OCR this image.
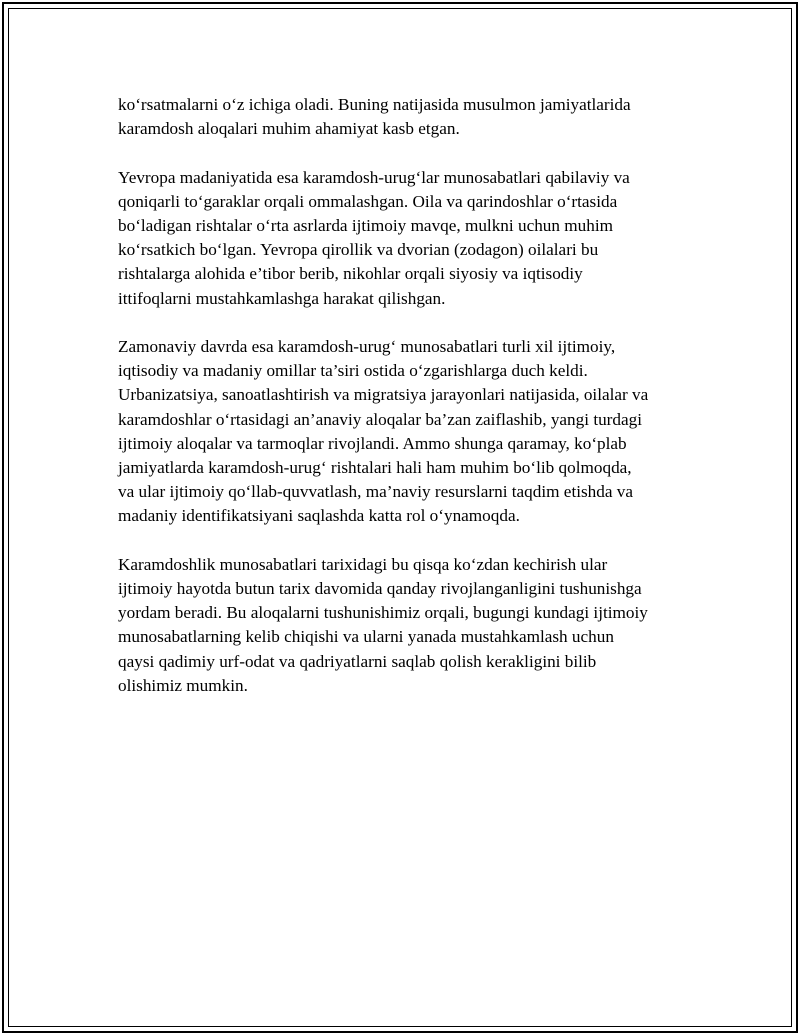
ko‘rsatmalarni o‘z ichiga oladi. Buning natijasida musulmon jamiyatlarida
karamdosh aloqalari muhim ahamiyat kasb etgan.

Yevropa madaniyatida esa karamdosh-urug‘lar munosabatlari qabilaviy va
qoniqarli to‘garaklar orqali ommalashgan. Oila va qarindoshlar o‘rtasida
bo‘ladigan rishtalar o‘rta asrlarda ijtimoiy mavqe, mulkni uchun muhim
ko‘rsatkich bo‘lgan. Yevropa qirollik va dvorian (zodagon) oilalari bu
rishtalarga alohida e’tibor berib, nikohlar orqali siyosiy va iqtisodiy
ittifoqlarni mustahkamlashga harakat qilishgan.

Zamonaviy davrda esa karamdosh-urug‘ munosabatlari turli xil ijtimoiy,
iqtisodiy va madaniy omillar ta’siri ostida o‘zgarishlarga duch keldi.
Urbanizatsiya, sanoatlashtirish va migratsiya jarayonlari natijasida, oilalar va
karamdoshlar o‘rtasidagi an’anaviy aloqalar ba’zan zaiflashib, yangi turdagi
ijtimoiy aloqalar va tarmoqlar rivojlandi. Ammo shunga qaramay, ko‘plab
jamiyatlarda karamdosh-urug‘ rishtalari hali ham muhim bo‘lib qolmoqda,
va ular ijtimoiy qo‘llab-quvvatlash, ma’naviy resurslarni taqdim etishda va
madaniy identifikatsiyani saqlashda katta rol o‘ynamoqda.

Karamdoshlik munosabatlari tarixidagi bu qisqa ko‘zdan kechirish ular
ijtimoiy hayotda butun tarix davomida qanday rivojlanganligini tushunishga
yordam beradi. Bu aloqalarni tushunishimiz orqali, bugungi kundagi ijtimoiy
munosabatlarning kelib chiqishi va ularni yanada mustahkamlash uchun
qaysi qadimiy urf-odat va qadriyatlarni saqlab qolish kerakligini bilib
olishimiz mumkin.
